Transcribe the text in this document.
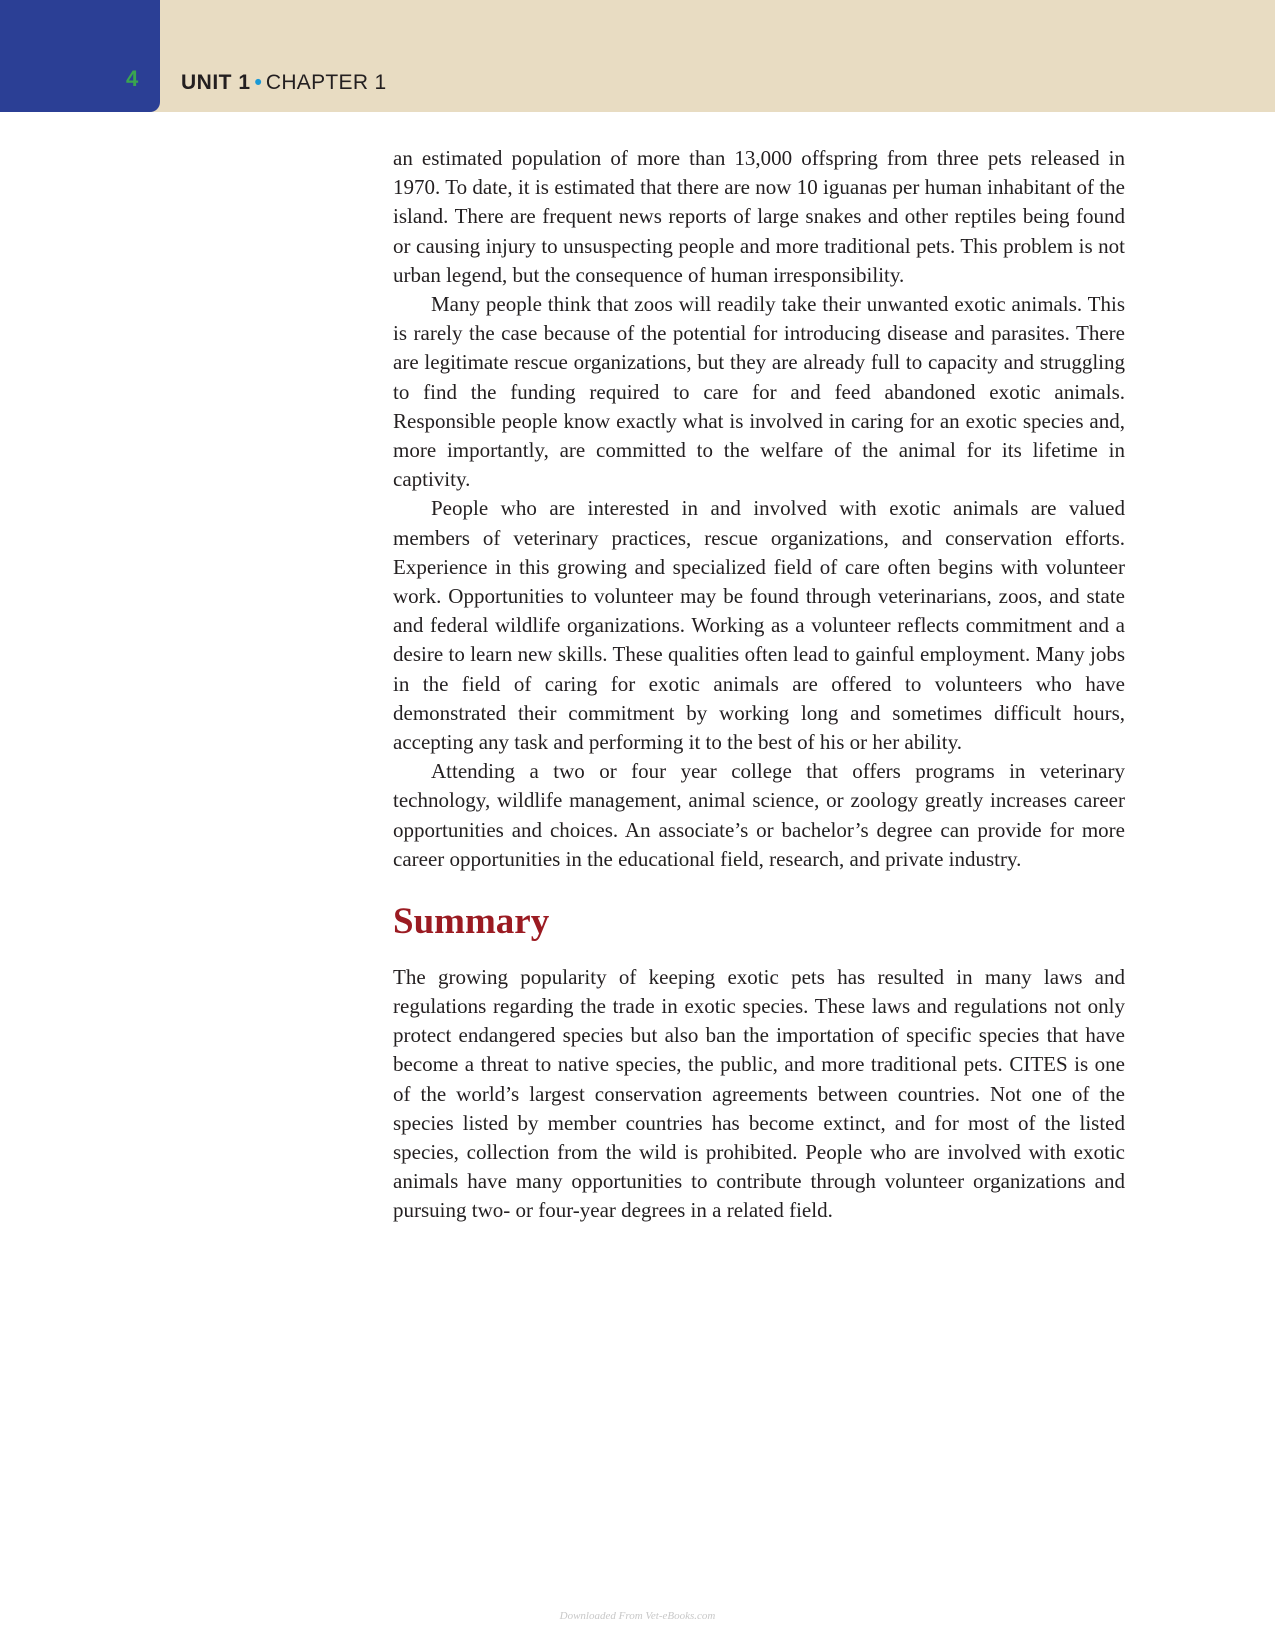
4 UNIT 1 • CHAPTER 1

an estimated population of more than 13,000 offspring from three pets released in 1970. To date, it is estimated that there are now 10 iguanas per human inhabitant of the island. There are frequent news reports of large snakes and other reptiles being found or causing injury to unsuspecting people and more traditional pets. This problem is not urban legend, but the consequence of human irresponsibility.

Many people think that zoos will readily take their unwanted exotic animals. This is rarely the case because of the potential for introducing disease and parasites. There are legitimate rescue organizations, but they are already full to capacity and struggling to find the funding required to care for and feed abandoned exotic animals. Responsible people know exactly what is involved in caring for an exotic species and, more importantly, are committed to the welfare of the animal for its lifetime in captivity.

People who are interested in and involved with exotic animals are valued members of veterinary practices, rescue organizations, and conservation efforts. Experience in this growing and specialized field of care often begins with volunteer work. Opportunities to volunteer may be found through veterinarians, zoos, and state and federal wildlife organizations. Working as a volunteer reflects commitment and a desire to learn new skills. These qualities often lead to gainful employment. Many jobs in the field of caring for exotic animals are offered to volunteers who have demonstrated their commitment by working long and sometimes difficult hours, accepting any task and performing it to the best of his or her ability.

Attending a two or four year college that offers programs in veterinary technology, wildlife management, animal science, or zoology greatly increases career opportunities and choices. An associate’s or bachelor’s degree can provide for more career opportunities in the educational field, research, and private industry.

Summary

The growing popularity of keeping exotic pets has resulted in many laws and regulations regarding the trade in exotic species. These laws and regulations not only protect endangered species but also ban the importation of specific species that have become a threat to native species, the public, and more traditional pets. CITES is one of the world’s largest conservation agreements between countries. Not one of the species listed by member countries has become extinct, and for most of the listed species, collection from the wild is prohibited. People who are involved with exotic animals have many opportunities to contribute through volunteer organizations and pursuing two- or four-year degrees in a related field.

Downloaded From Vet-eBooks.com
